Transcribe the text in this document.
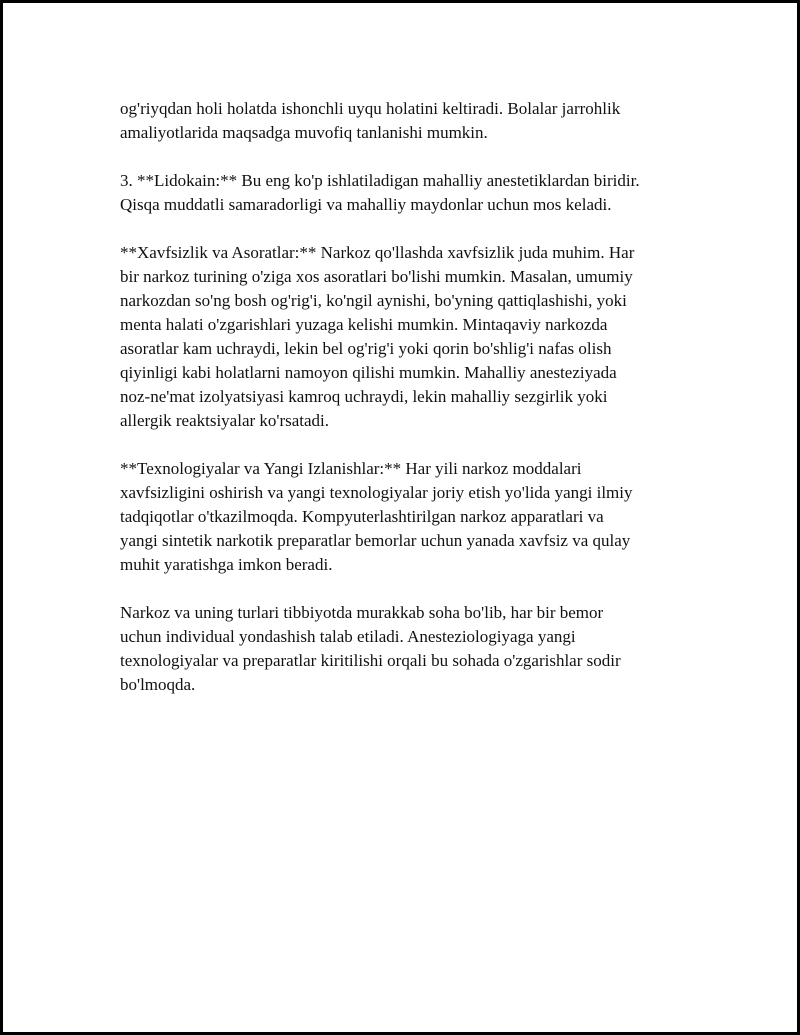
og'riyqdan holi holatda ishonchli uyqu holatini keltiradi. Bolalar jarrohlik
amaliyotlarida maqsadga muvofiq tanlanishi mumkin.

3. **Lidokain:** Bu eng ko'p ishlatiladigan mahalliy anestetiklardan biridir.
Qisqa muddatli samaradorligi va mahalliy maydonlar uchun mos keladi.

**Xavfsizlik va Asoratlar:** Narkoz qo'llashda xavfsizlik juda muhim. Har
bir narkoz turining o'ziga xos asoratlari bo'lishi mumkin. Masalan, umumiy
narkozdan so'ng bosh og'rig'i, ko'ngil aynishi, bo'yning qattiqlashishi, yoki
menta halati o'zgarishlari yuzaga kelishi mumkin. Mintaqaviy narkozda
asoratlar kam uchraydi, lekin bel og'rig'i yoki qorin bo'shlig'i nafas olish
qiyinligi kabi holatlarni namoyon qilishi mumkin. Mahalliy anesteziyada
noz-ne'mat izolyatsiyasi kamroq uchraydi, lekin mahalliy sezgirlik yoki
allergik reaktsiyalar ko'rsatadi.

**Texnologiyalar va Yangi Izlanishlar:** Har yili narkoz moddalari
xavfsizligini oshirish va yangi texnologiyalar joriy etish yo'lida yangi ilmiy
tadqiqotlar o'tkazilmoqda. Kompyuterlashtirilgan narkoz apparatlari va
yangi sintetik narkotik preparatlar bemorlar uchun yanada xavfsiz va qulay
muhit yaratishga imkon beradi.

Narkoz va uning turlari tibbiyotda murakkab soha bo'lib, har bir bemor
uchun individual yondashish talab etiladi. Anesteziologiyaga yangi
texnologiyalar va preparatlar kiritilishi orqali bu sohada o'zgarishlar sodir
bo'lmoqda.
